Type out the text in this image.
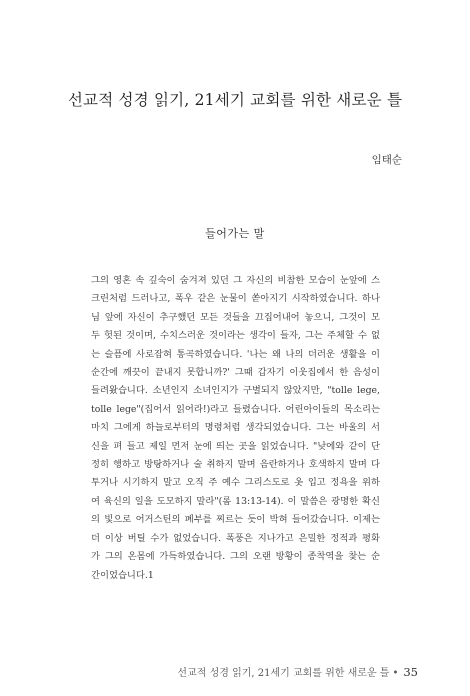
선교적 성경 읽기, 21세기 교회를 위한 새로운 틀
임태순
들어가는 말
그의 영혼 속 깊숙이 숨겨져 있던 그 자신의 비참한 모습이 눈앞에 스
크린처럼 드러나고, 폭우 같은 눈물이 쏟아지기 시작하였습니다. 하나
님 앞에 자신이 추구했던 모든 것들을 끄집어내어 놓으니, 그것이 모
두 헛된 것이며, 수치스러운 것이라는 생각이 들자, 그는 주체할 수 없
는 슬픔에 사로잡혀 통곡하였습니다. '나는 왜 나의 더러운 생활을 이
순간에 깨끗이 끝내지 못합니까?' 그때 갑자기 이웃집에서 한 음성이
들려왔습니다. 소년인지 소녀인지가 구별되지 않았지만, "tolle lege,
tolle lege"(집어서 읽어라!)라고 들렸습니다. 어린아이들의 목소리는
마치 그에게 하늘로부터의 명령처럼 생각되었습니다. 그는 바울의 서
신을 펴 들고 제일 먼저 눈에 띄는 곳을 읽었습니다. "낮에와 같이 단
정히 행하고 방탕하거나 술 취하지 말며 음란하거나 호색하지 말며 다
투거나 시기하지 말고 오직 주 예수 그리스도로 옷 입고 정욕을 위하
여 육신의 일을 도모하지 말라"(롬 13:13-14). 이 말씀은 광명한 확신
의 빛으로 어거스틴의 폐부를 찌르는 듯이 박혀 들어갔습니다. 이제는
더 이상 버틸 수가 없었습니다. 폭풍은 지나가고 은밀한 정적과 평화
가 그의 온몸에 가득하였습니다. 그의 오랜 방황이 종착역을 찾는 순
간이었습니다.1
선교적 성경 읽기, 21세기 교회를 위한 새로운 틀 • 35
